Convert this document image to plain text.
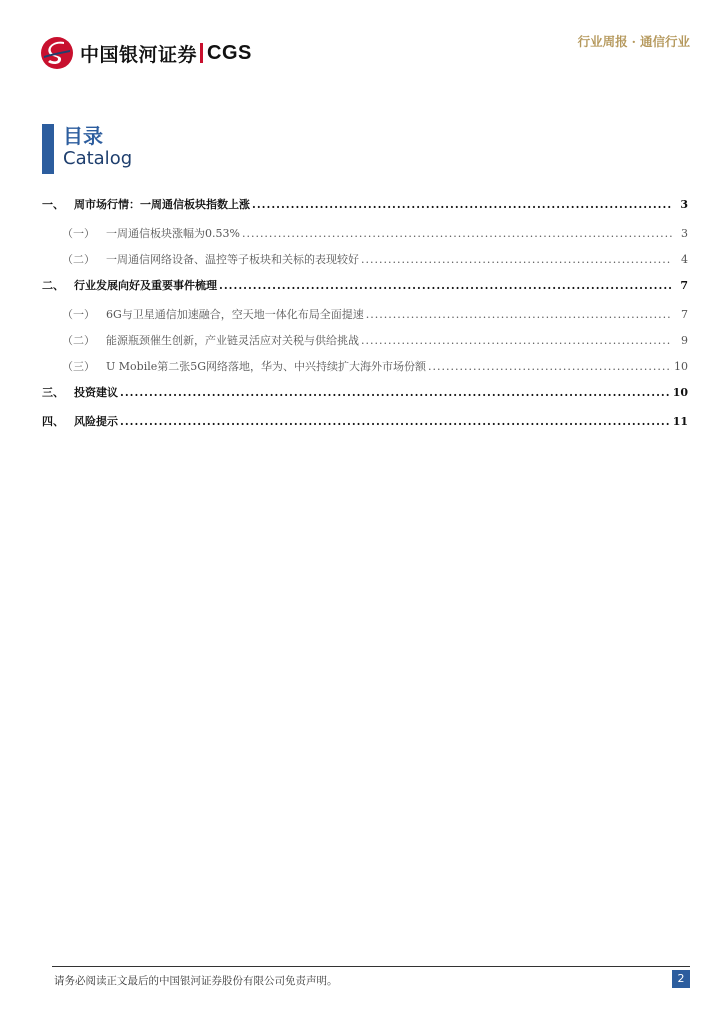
中国银河证券 CGS	行业周报 · 通信行业
目录
Catalog
一、 周市场行情：一周通信板块指数上涨 .....	3
（一）	一周通信板块涨幅为0.53% .....	3
（二）	一周通信网络设备、温控等子板块和关标的表现较好 .....	4
二、 行业发展向好及重要事件梳理 .....	7
（一）	6G与卫星通信加速融合，空天地一体化布局全面提速 .....	7
（二）	能源瓶颈催生创新，产业链灵活应对关税与供给挑战 .....	9
（三）	U Mobile第二张5G网络落地，华为、中兴持续扩大海外市场份额 .....	10
三、 投资建议 .....	10
四、 风险提示 .....	11
请务必阅读正文最后的中国银河证券股份有限公司免责声明。	2
